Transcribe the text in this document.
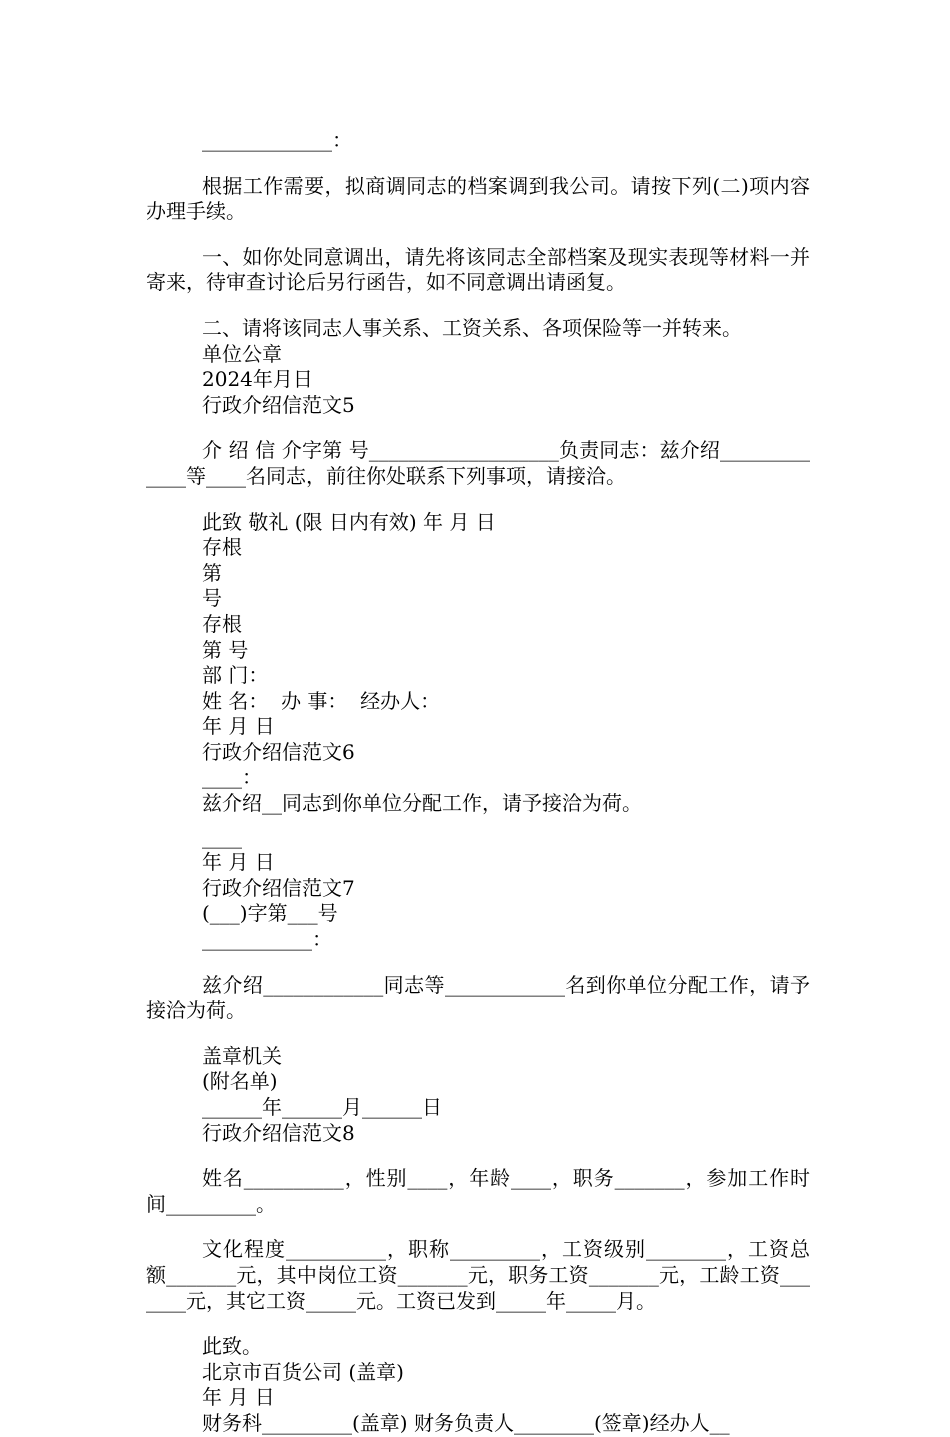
_____________：

根据工作需要，拟商调同志的档案调到我公司。请按下列(二)项内容办理手续。

一、如你处同意调出，请先将该同志全部档案及现实表现等材料一并寄来，待审查讨论后另行函告，如不同意调出请函复。

二、请将该同志人事关系、工资关系、各项保险等一并转来。

单位公章

2024年月日

行政介绍信范文5

介 绍 信 介字第 号___________________负责同志：兹介绍_____________等____名同志，前往你处联系下列事项，请接洽。

此致 敬礼 (限 日内有效) 年 月 日

存根

第

号

存根

第 号

部 门：

姓 名：  办 事：  经办人：

年 月 日

行政介绍信范文6

____：

兹介绍__同志到你单位分配工作，请予接洽为荷。

____

年 月 日

行政介绍信范文7

(___)字第___号

___________：

兹介绍____________同志等____________名到你单位分配工作，请予接洽为荷。

盖章机关

(附名单)

______年______月______日

行政介绍信范文8

姓名__________，性别____，年龄____，职务_______，参加工作时间_________。

文化程度__________，职称_________，工资级别________，工资总额_______元，其中岗位工资_______元，职务工资_______元，工龄工资_______元，其它工资_____元。工资已发到_____年_____月。

此致。

北京市百货公司 (盖章)

年 月 日

财务科_________(盖章) 财务负责人________(签章)经办人__
